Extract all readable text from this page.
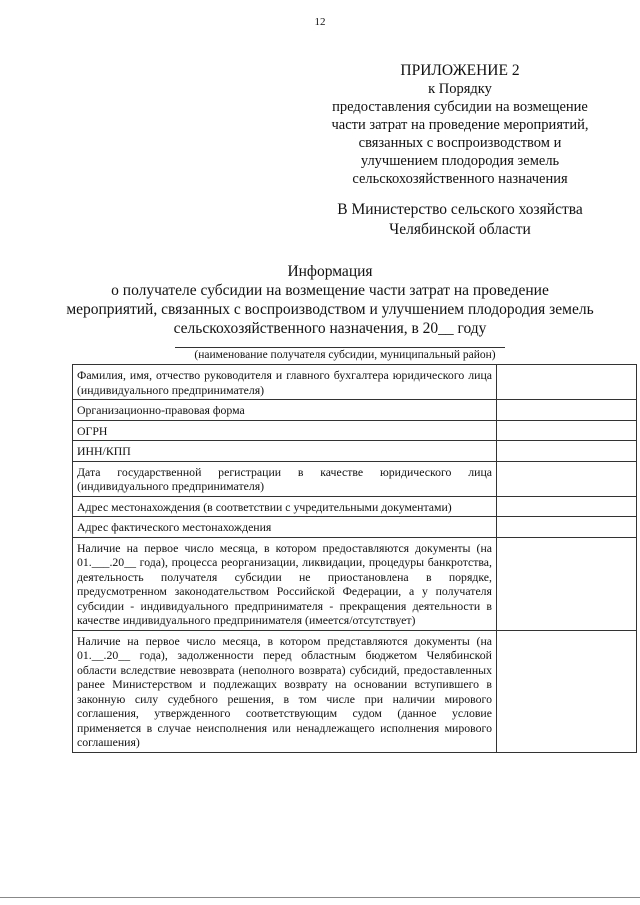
12
ПРИЛОЖЕНИЕ 2
к Порядку
предоставления субсидии на возмещение
части затрат на проведение мероприятий,
связанных с воспроизводством и
улучшением плодородия земель
сельскохозяйственного назначения
В Министерство сельского хозяйства
Челябинской области
Информация
о получателе субсидии на возмещение части затрат на проведение
мероприятий, связанных с воспроизводством и улучшением плодородия земель
сельскохозяйственного назначения, в 20__ году
(наименование получателя субсидии, муниципальный район)
Фамилия, имя, отчество руководителя и главного бухгалтера юридического лица (индивидуального предпринимателя)	
Организационно-правовая форма	
ОГРН	
ИНН/КПП	
Дата государственной регистрации в качестве юридического лица (индивидуального предпринимателя)	
Адрес местонахождения (в соответствии с учредительными документами)	
Адрес фактического местонахождения	
Наличие на первое число месяца, в котором предоставляются документы (на 01.___.20__ года), процесса реорганизации, ликвидации, процедуры банкротства, деятельность получателя субсидии не приостановлена в порядке, предусмотренном законодательством Российской Федерации, а у получателя субсидии - индивидуального предпринимателя - прекращения деятельности в качестве индивидуального предпринимателя (имеется/отсутствует)	
Наличие на первое число месяца, в котором представляются документы (на 01.__.20__ года), задолженности перед областным бюджетом Челябинской области вследствие невозврата (неполного возврата) субсидий, предоставленных ранее Министерством и подлежащих возврату на основании вступившего в законную силу судебного решения, в том числе при наличии мирового соглашения, утвержденного соответствующим судом (данное условие применяется в случае неисполнения или ненадлежащего исполнения мирового соглашения)	
